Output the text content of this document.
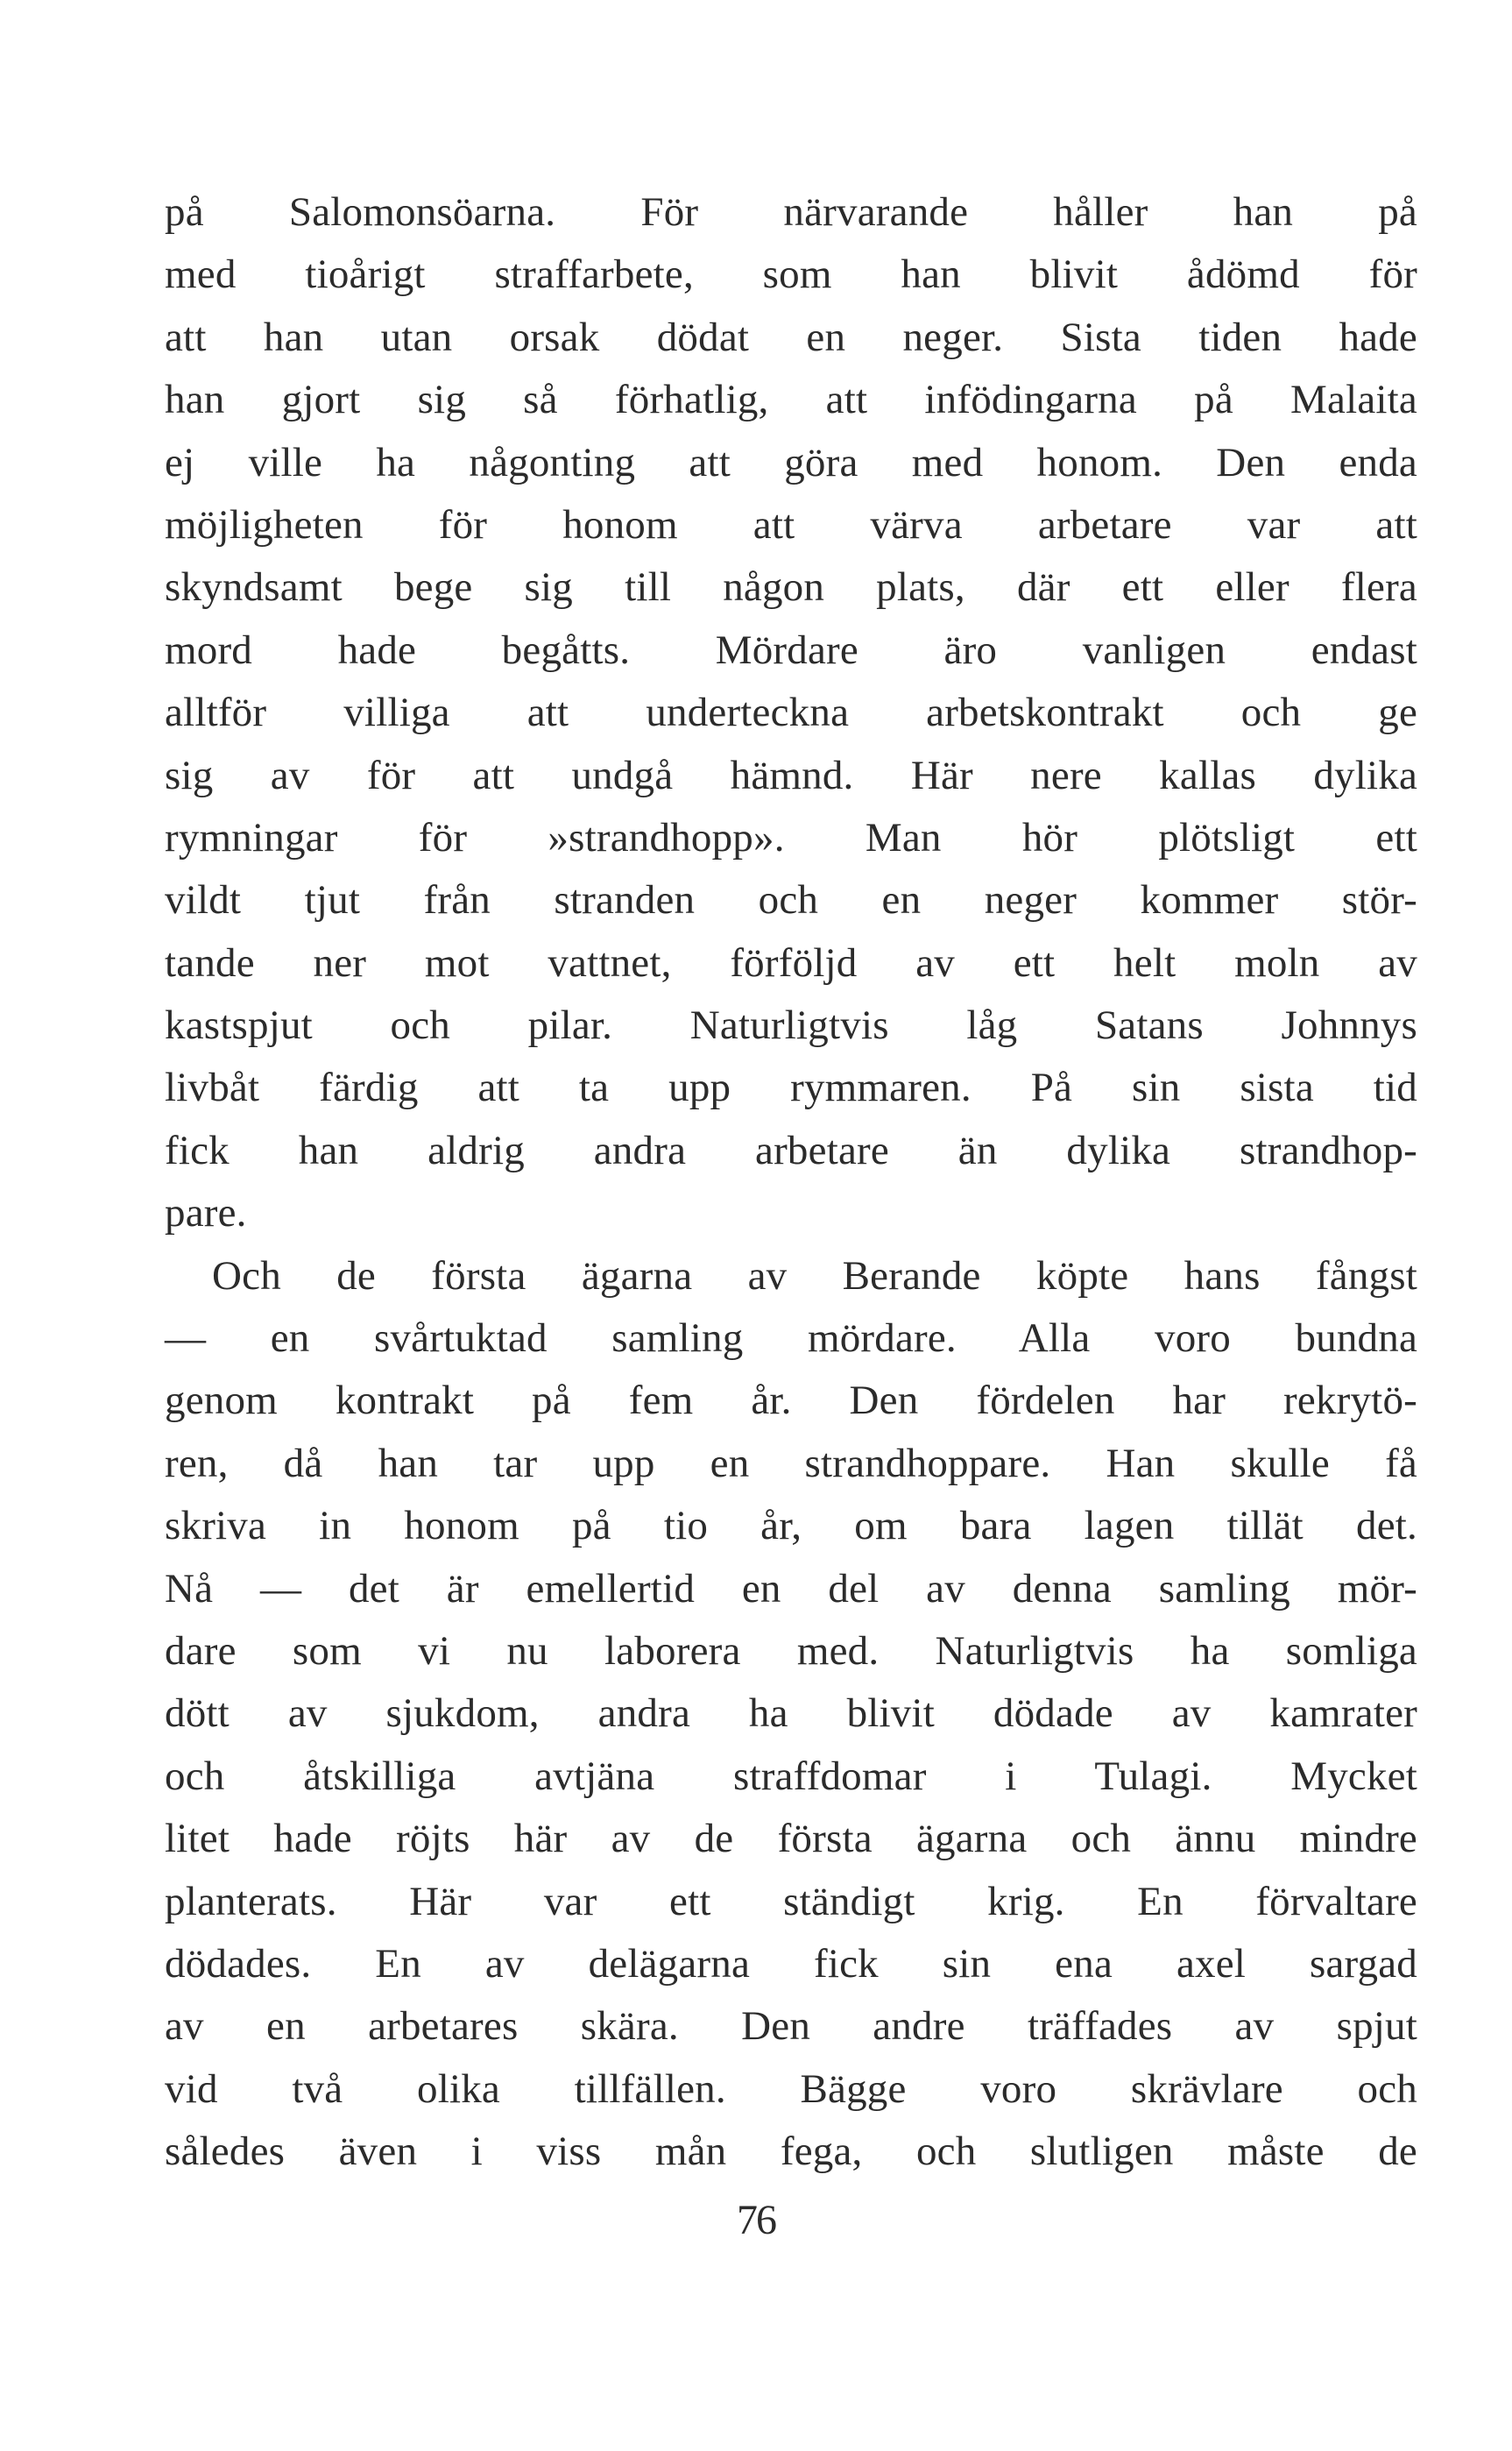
på Salomonsöarna. För närvarande håller han på
med tioårigt straffarbete, som han blivit ådömd för
att han utan orsak dödat en neger. Sista tiden hade
han gjort sig så förhatlig, att infödingarna på Malaita
ej ville ha någonting att göra med honom. Den enda
möjligheten för honom att värva arbetare var att
skyndsamt bege sig till någon plats, där ett eller flera
mord hade begåtts. Mördare äro vanligen endast
alltför villiga att underteckna arbetskontrakt och ge
sig av för att undgå hämnd. Här nere kallas dylika
rymningar för »strandhopp». Man hör plötsligt ett
vildt tjut från stranden och en neger kommer stör-
tande ner mot vattnet, förföljd av ett helt moln av
kastspjut och pilar. Naturligtvis låg Satans Johnnys
livbåt färdig att ta upp rymmaren. På sin sista tid
fick han aldrig andra arbetare än dylika strandhop-
pare.
Och de första ägarna av Berande köpte hans fångst
— en svårtuktad samling mördare. Alla voro bundna
genom kontrakt på fem år. Den fördelen har rekrytö-
ren, då han tar upp en strandhoppare. Han skulle få
skriva in honom på tio år, om bara lagen tillät det.
Nå — det är emellertid en del av denna samling mör-
dare som vi nu laborera med. Naturligtvis ha somliga
dött av sjukdom, andra ha blivit dödade av kamrater
och åtskilliga avtjäna straffdomar i Tulagi. Mycket
litet hade röjts här av de första ägarna och ännu mindre
planterats. Här var ett ständigt krig. En förvaltare
dödades. En av delägarna fick sin ena axel sargad
av en arbetares skära. Den andre träffades av spjut
vid två olika tillfällen. Bägge voro skrävlare och
således även i viss mån fega, och slutligen måste de
76
